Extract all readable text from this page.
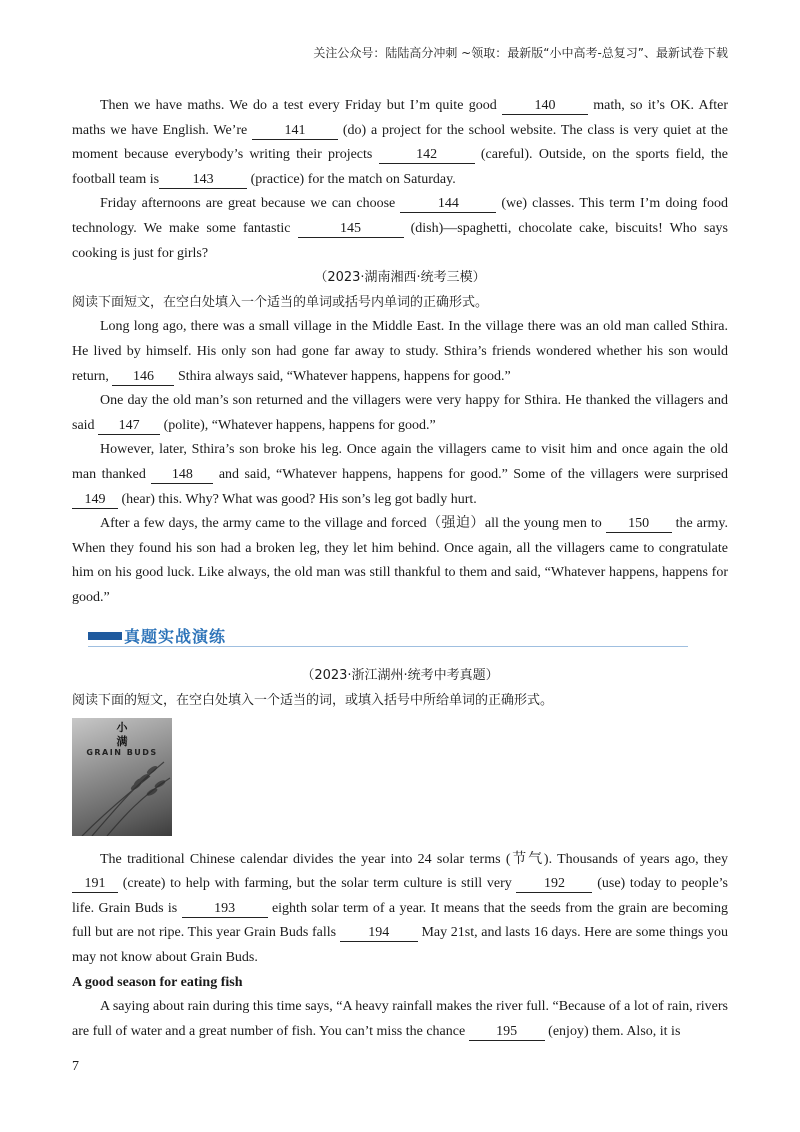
关注公众号：陆陆高分冲刺 ~领取：最新版“小中高考-总复习”、最新试卷下载

Then we have maths. We do a test every Friday but I’m quite good 140 math, so it’s OK. After maths we have English. We’re 141 (do) a project for the school website. The class is very quiet at the moment because everybody’s writing their projects	142	(careful). Outside, on the sports field, the football team is 143 (practice) for the match on Saturday.

Friday afternoons are great because we can choose	144	(we) classes. This term I’m doing food technology. We make some fantastic	145	(dish)—spaghetti, chocolate cake, biscuits! Who says cooking is just for girls?

（2023·湖南湘西·统考三模）

阅读下面短文，在空白处填入一个适当的单词或括号内单词的正确形式。

Long long ago, there was a small village in the Middle East. In the village there was an old man called Sthira. He lived by himself. His only son had gone far away to study. Sthira’s friends wondered whether his son would return, 146 Sthira always said, “Whatever happens, happens for good.”

One day the old man’s son returned and the villagers were very happy for Sthira. He thanked the villagers and said 147 (polite), “Whatever happens, happens for good.”

However, later, Sthira’s son broke his leg. Once again the villagers came to visit him and once again the old man thanked 148 and said, “Whatever happens, happens for good.” Some of the villagers were surprised 149 (hear) this. Why? What was good? His son’s leg got badly hurt.

After a few days, the army came to the village and forced（强迫）all the young men to 150 the army. When they found his son had a broken leg, they let him behind. Once again, all the villagers came to congratulate him on his good luck. Like always, the old man was still thankful to them and said, “Whatever happens, happens for good.”

真题实战演练

（2023·浙江湖州·统考中考真题）

阅读下面的短文，在空白处填入一个适当的词，或填入括号中所给单词的正确形式。

小
满
GRAIN BUDS

The traditional Chinese calendar divides the year into 24 solar terms (节气). Thousands of years ago, they 191 (create) to help with farming, but the solar term culture is still very 192 (use) today to people’s life. Grain Buds is 193 eighth solar term of a year. It means that the seeds from the grain are becoming full but are not ripe. This year Grain Buds falls 194 May 21st, and lasts 16 days. Here are some things you may not know about Grain Buds.

A good season for eating fish

A saying about rain during this time says, “A heavy rainfall makes the river full. “Because of a lot of rain, rivers are full of water and a great number of fish. You can’t miss the chance 195 (enjoy) them. Also, it is

7
